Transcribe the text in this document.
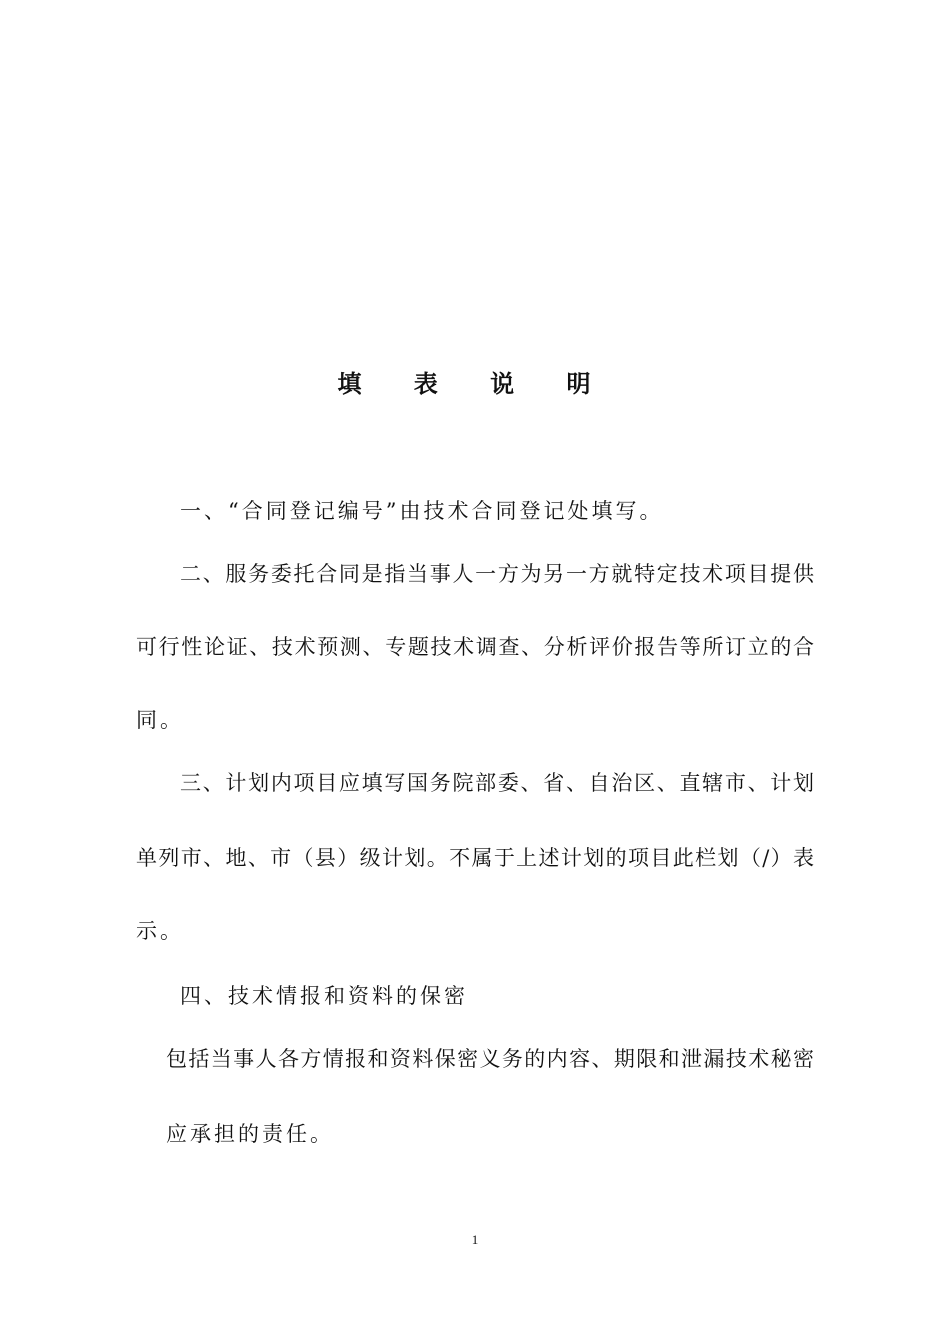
填 表 说 明
一、“合同登记编号”由技术合同登记处填写。
二、服务委托合同是指当事人一方为另一方就特定技术项目提供
可行性论证、技术预测、专题技术调查、分析评价报告等所订立的合
同。
三、计划内项目应填写国务院部委、省、自治区、直辖市、计划
单列市、地、市（县）级计划。不属于上述计划的项目此栏划（/）表
示。
四、技术情报和资料的保密
包括当事人各方情报和资料保密义务的内容、期限和泄漏技术秘密
应承担的责任。
1
